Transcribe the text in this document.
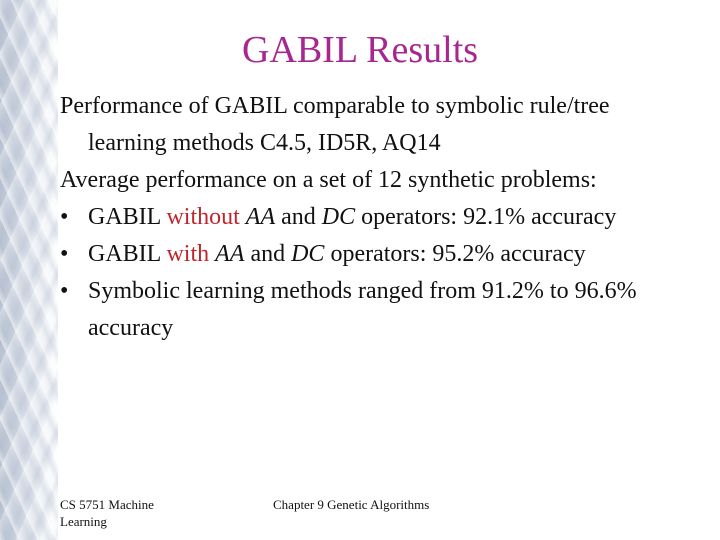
GABIL Results

Performance of GABIL comparable to symbolic rule/tree learning methods C4.5, ID5R, AQ14

Average performance on a set of 12 synthetic problems:

• GABIL without AA and DC operators: 92.1% accuracy
• GABIL with AA and DC operators: 95.2% accuracy
• Symbolic learning methods ranged from 91.2% to 96.6% accuracy
CS 5751 Machine Learning
Chapter 9 Genetic Algorithms
